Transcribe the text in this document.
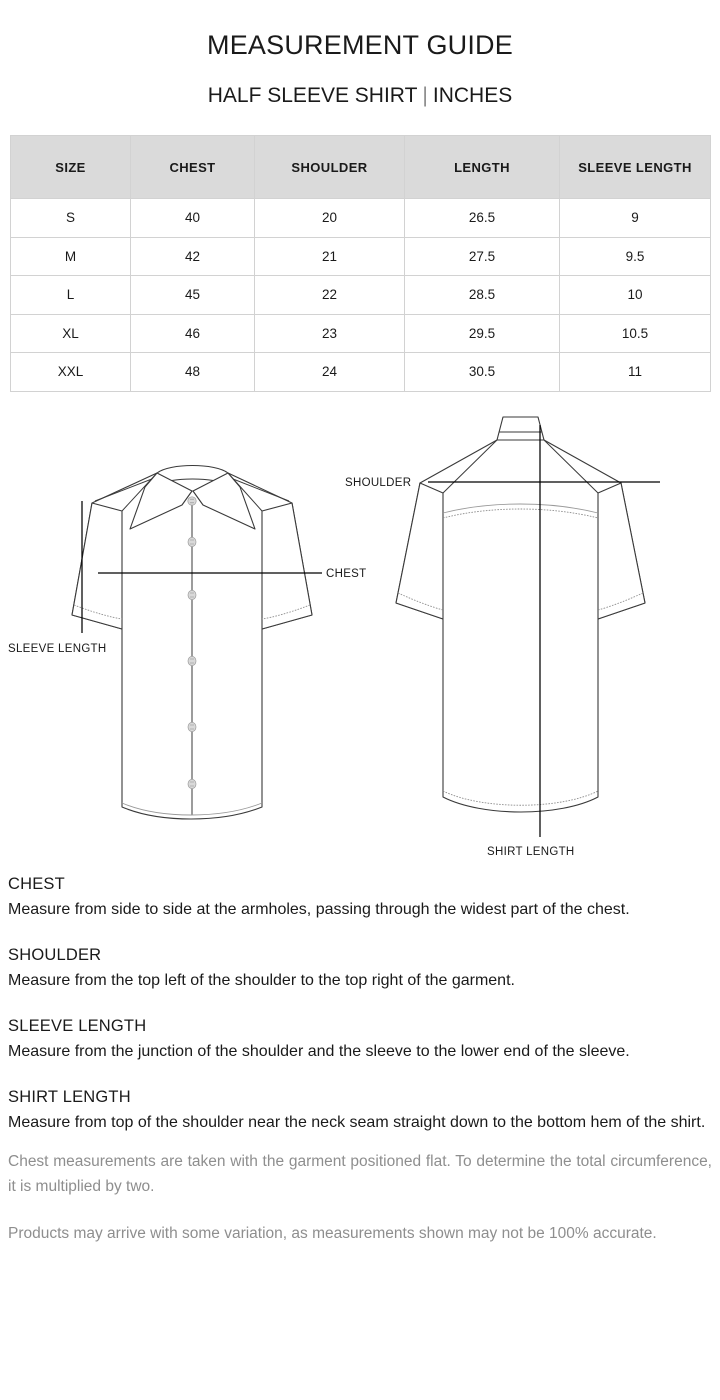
MEASUREMENT GUIDE
HALF SLEEVE SHIRT | INCHES
SIZE	CHEST	SHOULDER	LENGTH	SLEEVE LENGTH
S	40	20	26.5	9
M	42	21	27.5	9.5
L	45	22	28.5	10
XL	46	23	29.5	10.5
XXL	48	24	30.5	11
CHEST
SLEEVE LENGTH
SHOULDER
SHIRT LENGTH
CHEST
Measure from side to side at the armholes, passing through the widest part of the chest.
SHOULDER
Measure from the top left of the shoulder to the top right of the garment.
SLEEVE LENGTH
Measure from the junction of the shoulder and the sleeve to the lower end of the sleeve.
SHIRT LENGTH
Measure from top of the shoulder near the neck seam straight down to the bottom hem of the shirt.
Chest measurements are taken with the garment positioned flat. To determine the total circumference, it is multiplied by two.
Products may arrive with some variation, as measurements shown may not be 100% accurate.
